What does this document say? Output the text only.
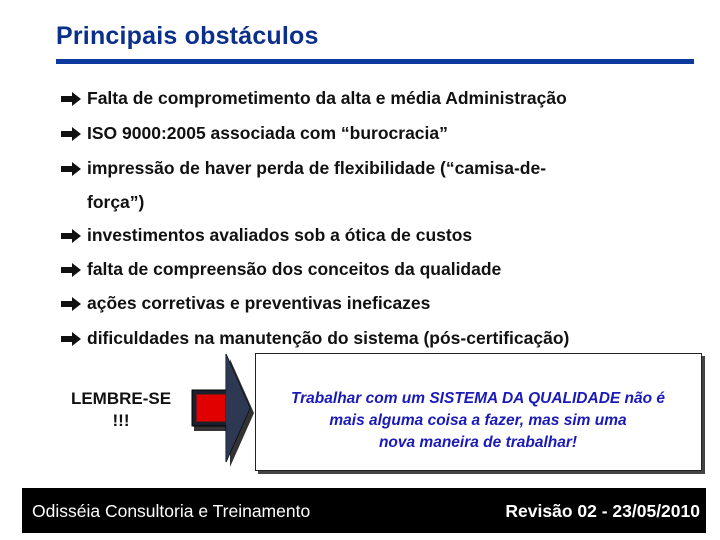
Principais obstáculos
Falta de comprometimento da alta e média Administração
ISO 9000:2005 associada com “burocracia”
impressão de haver perda de flexibilidade (“camisa-de-
força”)
investimentos avaliados sob a ótica de custos
falta de compreensão dos conceitos da qualidade
ações corretivas e preventivas ineficazes
dificuldades na manutenção do sistema (pós-certificação)
LEMBRE-SE
!!!
Trabalhar com um SISTEMA DA QUALIDADE não é
mais alguma coisa a fazer, mas sim uma
nova maneira de trabalhar!
Odisséia Consultoria e Treinamento	Revisão 02 - 23/05/2010
